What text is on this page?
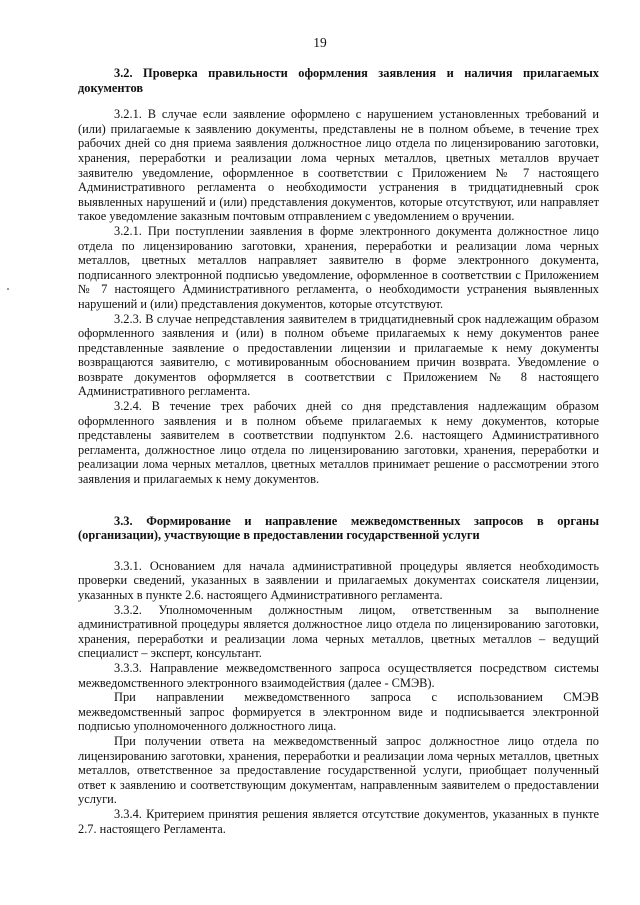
19

3.2. Проверка правильности оформления заявления и наличия прилагаемых документов

3.2.1. В случае если заявление оформлено с нарушением установленных требований и (или) прилагаемые к заявлению документы, представлены не в полном объеме, в течение трех рабочих дней со дня приема заявления должностное лицо отдела по лицензированию заготовки, хранения, переработки и реализации лома черных металлов, цветных металлов вручает заявителю уведомление, оформленное в соответствии с Приложением № 7 настоящего Административного регламента о необходимости устранения в тридцатидневный срок выявленных нарушений и (или) представления документов, которые отсутствуют, или направляет такое уведомление заказным почтовым отправлением с уведомлением о вручении.

3.2.1. При поступлении заявления в форме электронного документа должностное лицо отдела по лицензированию заготовки, хранения, переработки и реализации лома черных металлов, цветных металлов направляет заявителю в форме электронного документа, подписанного электронной подписью уведомление, оформленное в соответствии с Приложением № 7 настоящего Административного регламента, о необходимости устранения выявленных нарушений и (или) представления документов, которые отсутствуют.

3.2.3. В случае непредставления заявителем в тридцатидневный срок надлежащим образом оформленного заявления и (или) в полном объеме прилагаемых к нему документов ранее представленные заявление о предоставлении лицензии и прилагаемые к нему документы возвращаются заявителю, с мотивированным обоснованием причин возврата. Уведомление о возврате документов оформляется в соответствии с Приложением № 8 настоящего Административного регламента.

3.2.4. В течение трех рабочих дней со дня представления надлежащим образом оформленного заявления и в полном объеме прилагаемых к нему документов, которые представлены заявителем в соответствии подпунктом 2.6. настоящего Административного регламента, должностное лицо отдела по лицензированию заготовки, хранения, переработки и реализации лома черных металлов, цветных металлов принимает решение о рассмотрении этого заявления и прилагаемых к нему документов.

3.3. Формирование и направление межведомственных запросов в органы (организации), участвующие в предоставлении государственной услуги

3.3.1. Основанием для начала административной процедуры является необходимость проверки сведений, указанных в заявлении и прилагаемых документах соискателя лицензии, указанных в пункте 2.6. настоящего Административного регламента.

3.3.2. Уполномоченным должностным лицом, ответственным за выполнение административной процедуры является должностное лицо отдела по лицензированию заготовки, хранения, переработки и реализации лома черных металлов, цветных металлов – ведущий специалист – эксперт, консультант.

3.3.3. Направление межведомственного запроса осуществляется посредством системы межведомственного электронного взаимодействия (далее - СМЭВ).

При направлении межведомственного запроса с использованием СМЭВ межведомственный запрос формируется в электронном виде и подписывается электронной подписью уполномоченного должностного лица.

При получении ответа на межведомственный запрос должностное лицо отдела по лицензированию заготовки, хранения, переработки и реализации лома черных металлов, цветных металлов, ответственное за предоставление государственной услуги, приобщает полученный ответ к заявлению и соответствующим документам, направленным заявителем о предоставлении услуги.

3.3.4. Критерием принятия решения является отсутствие документов, указанных в пункте 2.7. настоящего Регламента.
